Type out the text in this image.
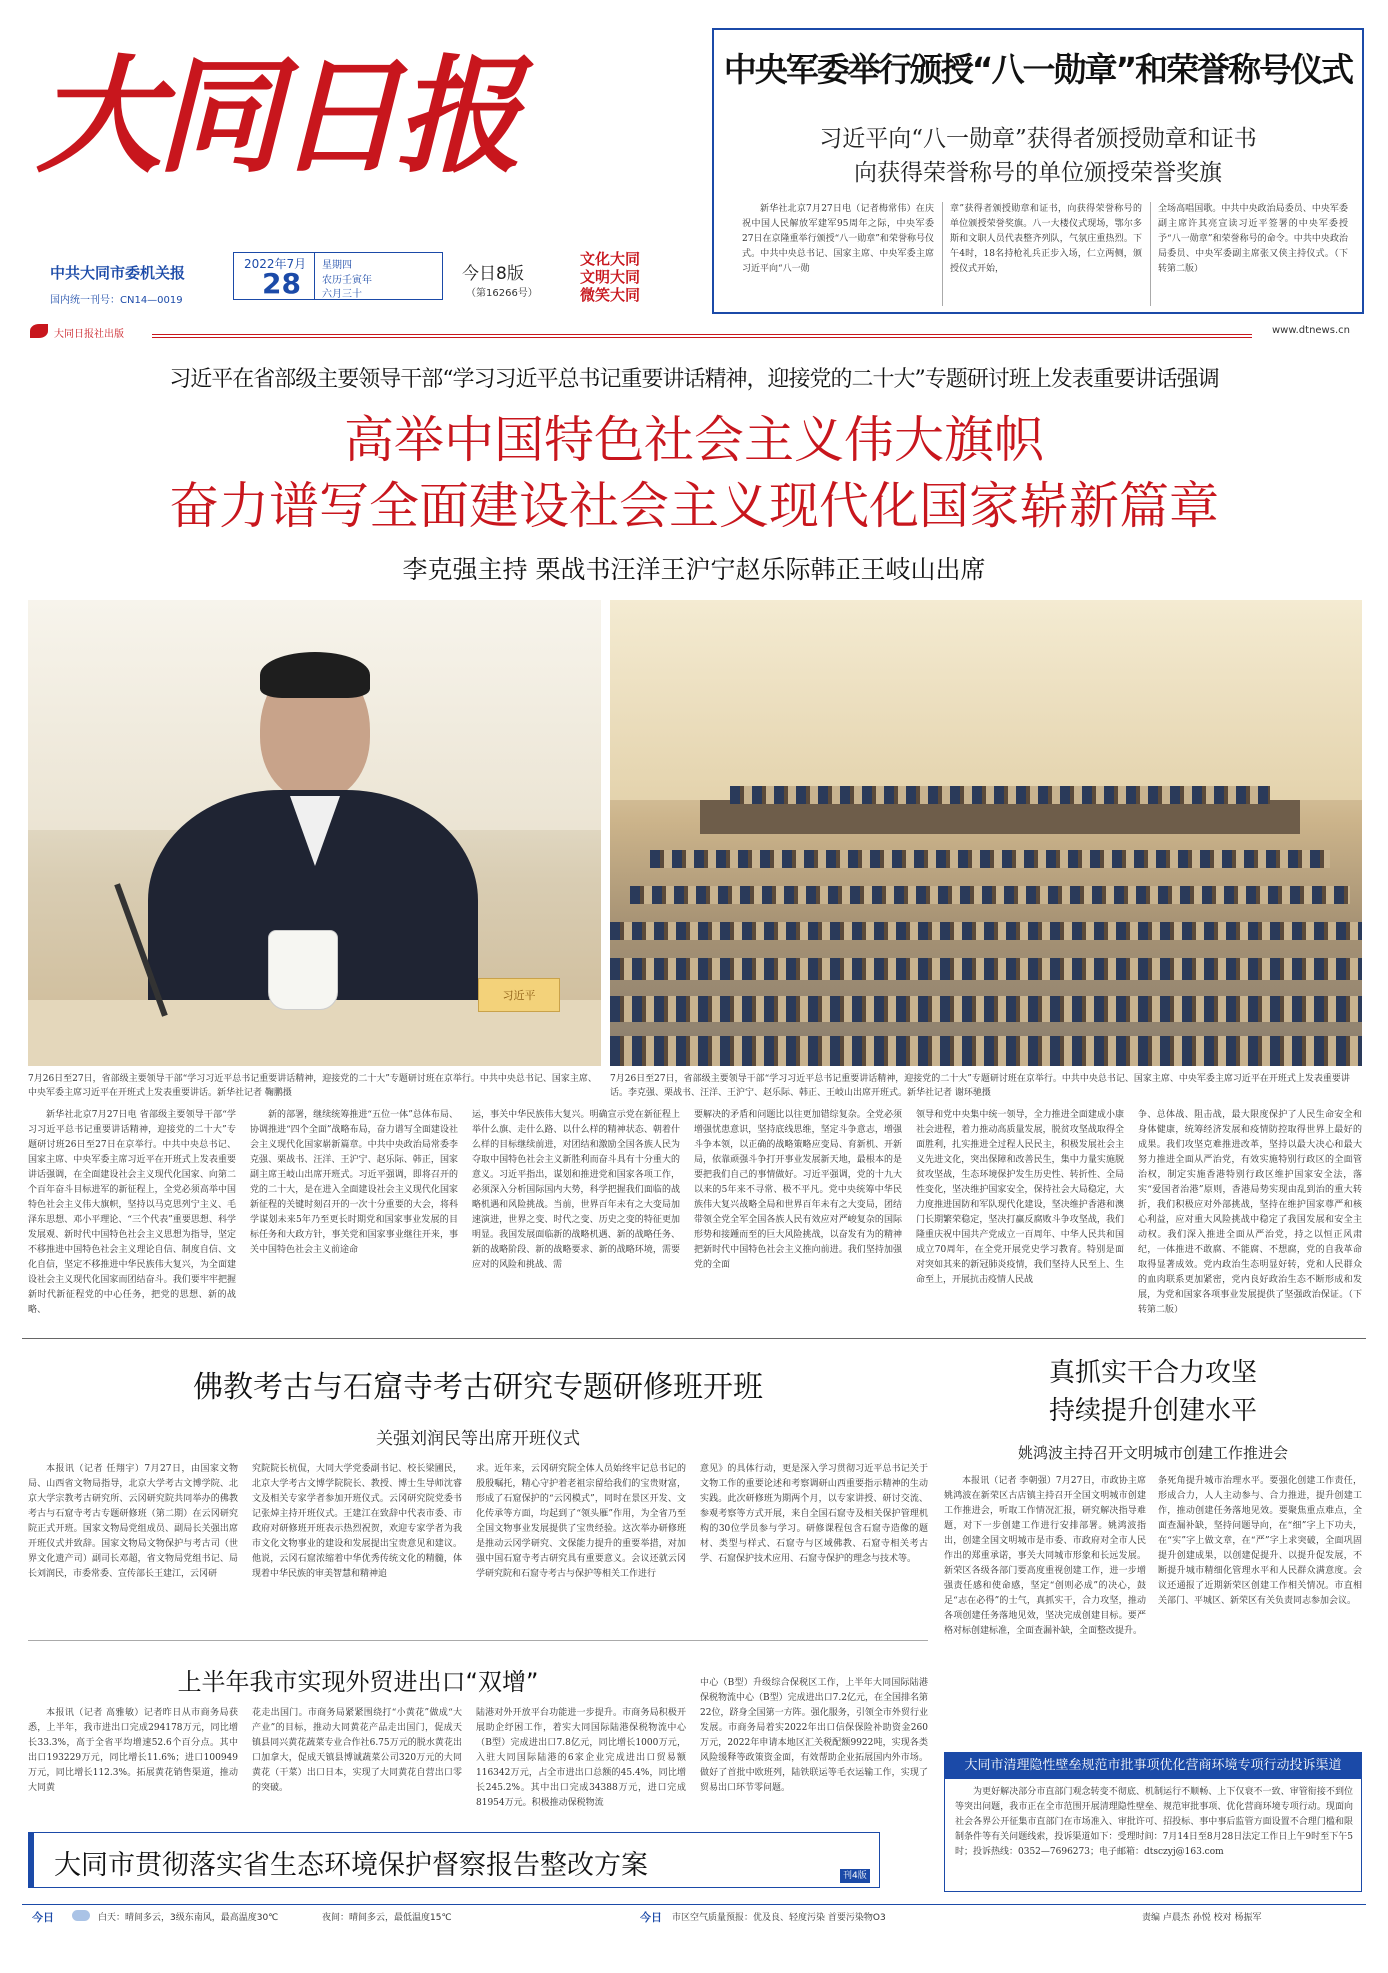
大同日报
中共大同市委机关报
国内统一刊号：CN14—0019
2022年7月
28
星期四
农历壬寅年
六月三十
今日8版
（第16266号）
文化大同
文明大同
微笑大同
大同日报社出版	www.dtnews.cn
中央军委举行颁授“八一勋章”和荣誉称号仪式
习近平向“八一勋章”获得者颁授勋章和证书
向获得荣誉称号的单位颁授荣誉奖旗
新华社北京7月27日电（记者梅常伟）在庆祝中国人民解放军建军95周年之际，中央军委27日在京隆重举行颁授“八一勋章”和荣誉称号仪式。中共中央总书记、国家主席、中央军委主席习近平向“八一勋
章”获得者颁授勋章和证书，向获得荣誉称号的单位颁授荣誉奖旗。八一大楼仪式现场，鄂尔多斯和文职人员代表整齐列队，气氛庄重热烈。下午4时，18名持枪礼兵正步入场，仁立两侧，颁授仪式开始，
全场高唱国歌。中共中央政治局委员、中央军委副主席许其亮宣读习近平签署的中央军委授予“八一勋章”和荣誉称号的命令。中共中央政治局委员、中央军委副主席张又侠主持仪式。（下转第二版）
习近平在省部级主要领导干部“学习习近平总书记重要讲话精神，迎接党的二十大”专题研讨班上发表重要讲话强调
高举中国特色社会主义伟大旗帜
奋力谱写全面建设社会主义现代化国家崭新篇章
李克强主持 栗战书汪洋王沪宁赵乐际韩正王岐山出席
习近平
7月26日至27日，省部级主要领导干部“学习习近平总书记重要讲话精神，迎接党的二十大”专题研讨班在京举行。中共中央总书记、国家主席、中央军委主席习近平在开班式上发表重要讲话。新华社记者 鞠鹏摄
7月26日至27日，省部级主要领导干部“学习习近平总书记重要讲话精神，迎接党的二十大”专题研讨班在京举行。中共中央总书记、国家主席、中央军委主席习近平在开班式上发表重要讲话。李克强、栗战书、汪洋、王沪宁、赵乐际、韩正、王岐山出席开班式。新华社记者 谢环驰摄
新华社北京7月27日电 省部级主要领导干部“学习习近平总书记重要讲话精神，迎接党的二十大”专题研讨班26日至27日在京举行。中共中央总书记、国家主席、中央军委主席习近平在开班式上发表重要讲话强调，在全面建设社会主义现代化国家、向第二个百年奋斗目标进军的新征程上，全党必须高举中国特色社会主义伟大旗帜，坚持以马克思列宁主义、毛泽东思想、邓小平理论、“三个代表”重要思想、科学发展观、新时代中国特色社会主义思想为指导，坚定不移推进中国特色社会主义理论自信、制度自信、文化自信，坚定不移推进中华民族伟大复兴，为全面建设社会主义现代化国家而团结奋斗。我们要牢牢把握新时代新征程党的中心任务，把党的思想、新的战略、
新的部署，继续统筹推进“五位一体”总体布局、协调推进“四个全面”战略布局，奋力谱写全面建设社会主义现代化国家崭新篇章。中共中央政治局常委李克强、栗战书、汪洋、王沪宁、赵乐际、韩正，国家副主席王岐山出席开班式。习近平强调，即将召开的党的二十大，是在进入全面建设社会主义现代化国家新征程的关键时刻召开的一次十分重要的大会，将科学谋划未来5年乃至更长时期党和国家事业发展的目标任务和大政方针，事关党和国家事业继往开来，事关中国特色社会主义前途命
运，事关中华民族伟大复兴。明确宣示党在新征程上举什么旗、走什么路、以什么样的精神状态、朝着什么样的目标继续前进，对团结和激励全国各族人民为夺取中国特色社会主义新胜利而奋斗具有十分重大的意义。习近平指出，谋划和推进党和国家各项工作，必须深入分析国际国内大势，科学把握我们面临的战略机遇和风险挑战。当前，世界百年未有之大变局加速演进，世界之变、时代之变、历史之变的特征更加明显。我国发展面临新的战略机遇、新的战略任务、新的战略阶段、新的战略要求、新的战略环境，需要应对的风险和挑战、需
要解决的矛盾和问题比以往更加错综复杂。全党必须增强忧患意识，坚持底线思维，坚定斗争意志，增强斗争本领，以正确的战略策略应变局、育新机、开新局，依靠顽强斗争打开事业发展新天地，最根本的是要把我们自己的事情做好。习近平强调，党的十九大以来的5年来不寻常、极不平凡。党中央统筹中华民族伟大复兴战略全局和世界百年未有之大变局，团结带领全党全军全国各族人民有效应对严峻复杂的国际形势和接踵而至的巨大风险挑战，以奋发有为的精神把新时代中国特色社会主义推向前进。我们坚持加强党的全面
领导和党中央集中统一领导，全力推进全面建成小康社会进程，着力推动高质量发展，脱贫攻坚战取得全面胜利，扎实推进全过程人民民主，积极发展社会主义先进文化，突出保障和改善民生，集中力量实施脱贫攻坚战，生态环境保护发生历史性、转折性、全局性变化，坚决维护国家安全，保持社会大局稳定，大力度推进国防和军队现代化建设，坚决维护香港和澳门长期繁荣稳定，坚决打赢反腐败斗争攻坚战，我们隆重庆祝中国共产党成立一百周年、中华人民共和国成立70周年，在全党开展党史学习教育。特别是面对突如其来的新冠肺炎疫情，我们坚持人民至上、生命至上，开展抗击疫情人民战
争、总体战、阻击战，最大限度保护了人民生命安全和身体健康，统筹经济发展和疫情防控取得世界上最好的成果。我们攻坚克难推进改革，坚持以最大决心和最大努力推进全面从严治党，有效实施特别行政区的全面管治权，制定实施香港特别行政区维护国家安全法，落实“爱国者治港”原则，香港局势实现由乱到治的重大转折，我们积极应对外部挑战，坚持在维护国家尊严和核心利益，应对重大风险挑战中稳定了我国发展和安全主动权。我们深入推进全面从严治党，持之以恒正风肃纪，一体推进不敢腐、不能腐、不想腐，党的自我革命取得显著成效。党内政治生态明显好转，党和人民群众的血肉联系更加紧密，党内良好政治生态不断形成和发展，为党和国家各项事业发展提供了坚强政治保证。（下转第二版）
佛教考古与石窟寺考古研究专题研修班开班
关强刘润民等出席开班仪式
本报讯（记者 任翔宇）7月27日，由国家文物局、山西省文物局指导，北京大学考古文博学院、北京大学宗教考古研究所、云冈研究院共同举办的佛教考古与石窟寺考古专题研修班（第二期）在云冈研究院正式开班。国家文物局党组成员、副局长关强出席开班仪式并致辞。国家文物局文物保护与考古司（世界文化遗产司）副司长邓超，省文物局党组书记、局长刘润民，市委常委、宣传部长王建江，云冈研
究院院长杭侃，大同大学党委副书记、校长梁圃民，北京大学考古文博学院院长、教授、博士生导师沈睿文及相关专家学者参加开班仪式。云冈研究院党委书记张焯主持开班仪式。王建江在致辞中代表市委、市政府对研修班开班表示热烈祝贺，欢迎专家学者为我市文化文物事业的建设和发展提出宝贵意见和建议。他说，云冈石窟浓缩着中华优秀传统文化的精髓，体现着中华民族的审美智慧和精神追
求。近年来，云冈研究院全体人员始终牢记总书记的殷殷嘱托，精心守护着老祖宗留给我们的宝贵财富，形成了石窟保护的“云冈模式”，同时在景区开发、文化传承等方面，均起到了“领头雁”作用，为全省乃至全国文物事业发展提供了宝贵经验。这次举办研修班是推动云冈学研究、文保能力提升的重要举措，对加强中国石窟寺考古研究具有重要意义。会议还就云冈学研究院和石窟寺考古与保护等相关工作进行
意见》的具体行动，更是深入学习贯彻习近平总书记关于文物工作的重要论述和考察调研山西重要指示精神的生动实践。此次研修班为期两个月，以专家讲授、研讨交流、参观考察等方式开展，来自全国石窟寺及相关保护管理机构的30位学员参与学习。研修课程包含石窟寺造像的题材、类型与样式、石窟寺与区域佛教、石窟寺相关考古学、石窟保护技术应用、石窟寺保护的理念与技术等。
上半年我市实现外贸进出口“双增”
本报讯（记者 高雅敏）记者昨日从市商务局获悉，上半年，我市进出口完成294178万元，同比增长33.3%，高于全省平均增速52.6个百分点。其中出口193229万元，同比增长11.6%；进口100949万元，同比增长112.3%。拓展黄花销售渠道，推动大同黄
花走出国门。市商务局紧紧围绕打“小黄花”做成“大产业”的目标，推动大同黄花产品走出国门，促成天镇县同兴黄花蔬菜专业合作社6.75万元的脱水黄花出口加拿大，促成天镇县博诚蔬菜公司320万元的大同黄花（干菜）出口日本，实现了大同黄花自营出口零的突破。
陆港对外开放平台功能进一步提升。市商务局积极开展助企纾困工作，着实大同国际陆港保税物流中心（B型）完成进出口7.8亿元，同比增长1000万元，入驻大同国际陆港的6家企业完成进出口贸易额116342万元，占全市进出口总额的45.4%，同比增长245.2%。其中出口完成34388万元，进口完成81954万元。积极推动保税物流
中心（B型）升级综合保税区工作，上半年大同国际陆港保税物流中心（B型）完成进出口7.2亿元，在全国排名第22位，跻身全国第一方阵。强化服务，引领全市外贸行业发展。市商务局着实2022年出口信保保险补助资金260万元，2022年申请本地区汇关税配额9922吨，实现各类风险缓释等政策资金面，有效帮助企业拓展国内外市场。做好了首批中欧班列，陆铁联运等毛衣运输工作，实现了贸易出口环节零问题。
大同市贯彻落实省生态环境保护督察报告整改方案	刊4版
真抓实干合力攻坚
持续提升创建水平
姚鸿波主持召开文明城市创建工作推进会
本报讯（记者 李朝强）7月27日，市政协主席姚鸿波在新荣区古店镇主持召开全国文明城市创建工作推进会，听取工作情况汇报，研究解决指导难题，对下一步创建工作进行安排部署。姚鸿波指出，创建全国文明城市是市委、市政府对全市人民作出的郑重承诺，事关大同城市形象和长远发展。新荣区各级各部门要高度重视创建工作，进一步增强责任感和使命感，坚定“创则必成”的决心，鼓足“志在必得”的士气，真抓实干，合力攻坚，推动各项创建任务落地见效，坚决完成创建目标。要严格对标创建标准，全面查漏补缺，全面整改提升。
条死角提升城市治理水平。要强化创建工作责任，形成合力，人人主动参与、合力推进，提升创建工作，推动创建任务落地见效。要聚焦重点难点，全面查漏补缺，坚持问题导向，在“细”字上下功夫，在“实”字上做文章，在“严”字上求突破，全面巩固提升创建成果，以创建促提升、以提升促发展，不断提升城市精细化管理水平和人民群众满意度。会议还通报了近期新荣区创建工作相关情况。市直相关部门、平城区、新荣区有关负责同志参加会议。
大同市清理隐性壁垒规范市批事项优化营商环境专项行动投诉渠道
为更好解决部分市直部门观念转变不彻底、机制运行不顺畅、上下仅衰不一致、审管衔接不到位等突出问题，我市正在全市范围开展清理隐性壁垒、规范审批事项、优化营商环境专项行动。现面向社会各界公开征集市直部门在市场准入、审批许可、招投标、事中事后监管方面设置不合理门槛和限制条件等有关问题线索，投诉渠道如下：受理时间：7月14日至8月28日法定工作日上午9时至下午5时；投诉热线：0352—7696273；电子邮箱：dtsczyj@163.com
今日	白天：晴间多云，3级东南风，最高温度30℃	夜间：晴间多云，最低温度15℃	今日 市区空气质量预报：优及良、轻度污染 首要污染物O3	责编 卢晨杰 孙悦 校对 杨振军
